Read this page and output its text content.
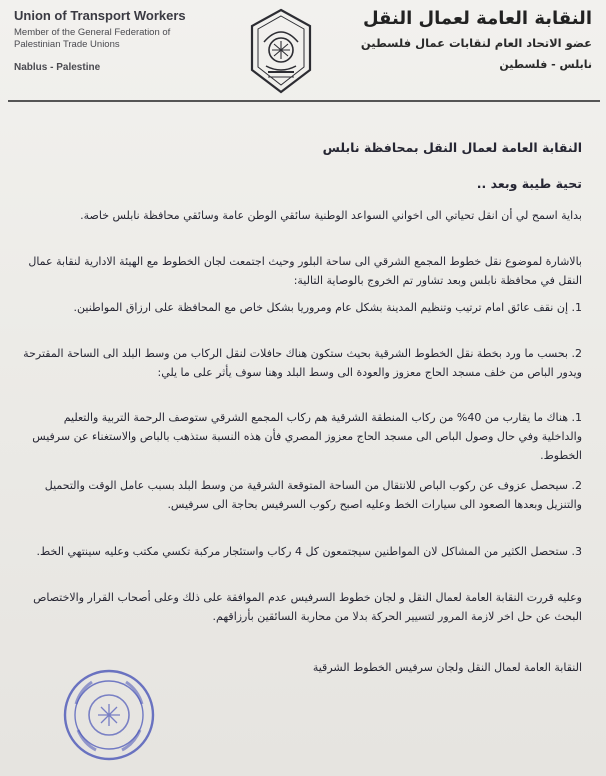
Union of Transport Workers
Member of the General Federation of Palestinian Trade Unions
Nablus - Palestine
النقابة العامة لعمال النقل
عضو الاتحاد العام لنقابات عمال فلسطين
نابلس - فلسطين

النقابة العامة لعمال النقل بمحافظة نابلس

تحية طيبة وبعد ..

بداية اسمح لي أن انقل تحياتي الى اخواني السواعد الوطنية سائقي الوطن عامة وسائقي محافظة نابلس خاصة.

بالاشارة لموضوع نقل خطوط المجمع الشرقي الى ساحة البلور وحيث اجتمعت لجان الخطوط مع الهيئة الادارية لنقابة عمال النقل في محافظة نابلس وبعد تشاور تم الخروج بالوصاية التالية:

1. إن نقف عائق امام ترتيب وتنظيم المدينة بشكل عام ومروريا بشكل خاص مع المحافظة على ارزاق المواطنين.

2. بحسب ما ورد بخطة نقل الخطوط الشرقية بحيث ستكون هناك حافلات لنقل الركاب من وسط البلد الى الساحة المقترحة ويدور الباص من خلف مسجد الحاج معزوز والعودة الى وسط البلد وهنا سوف يأثر على ما يلي:

1. هناك ما يقارب من 40% من ركاب المنطقة الشرقية هم ركاب المجمع الشرقي ستوصف الرحمة التربية والتعليم والداخلية وفي حال وصول الباص الى مسجد الحاج معزوز المصري فأن هذه النسبة ستذهب بالباص والاستغناء عن سرفيس الخطوط.

2. سيحصل عزوف عن ركوب الباص للانتقال من الساحة المتوقعة الشرقية من وسط البلد بسبب عامل الوقت والتحميل والتنزيل وبعدها الصعود الى سيارات الخط وعليه اصبح ركوب السرفيس بحاجة الى سرفيس.

3. ستحصل الكثير من المشاكل لان المواطنين سيجتمعون كل 4 ركاب واستئجار مركبة تكسي مكتب وعليه سينتهي الخط.

وعليه قررت النقابة العامة لعمال النقل و لجان خطوط السرفيس عدم الموافقة على ذلك وعلى أصحاب القرار والاختصاص البحث عن حل اخر لازمة المرور لتسيير الحركة بدلا من محاربة السائقين بأرزاقهم.

النقابة العامة لعمال النقل ولجان سرفيس الخطوط الشرقية
